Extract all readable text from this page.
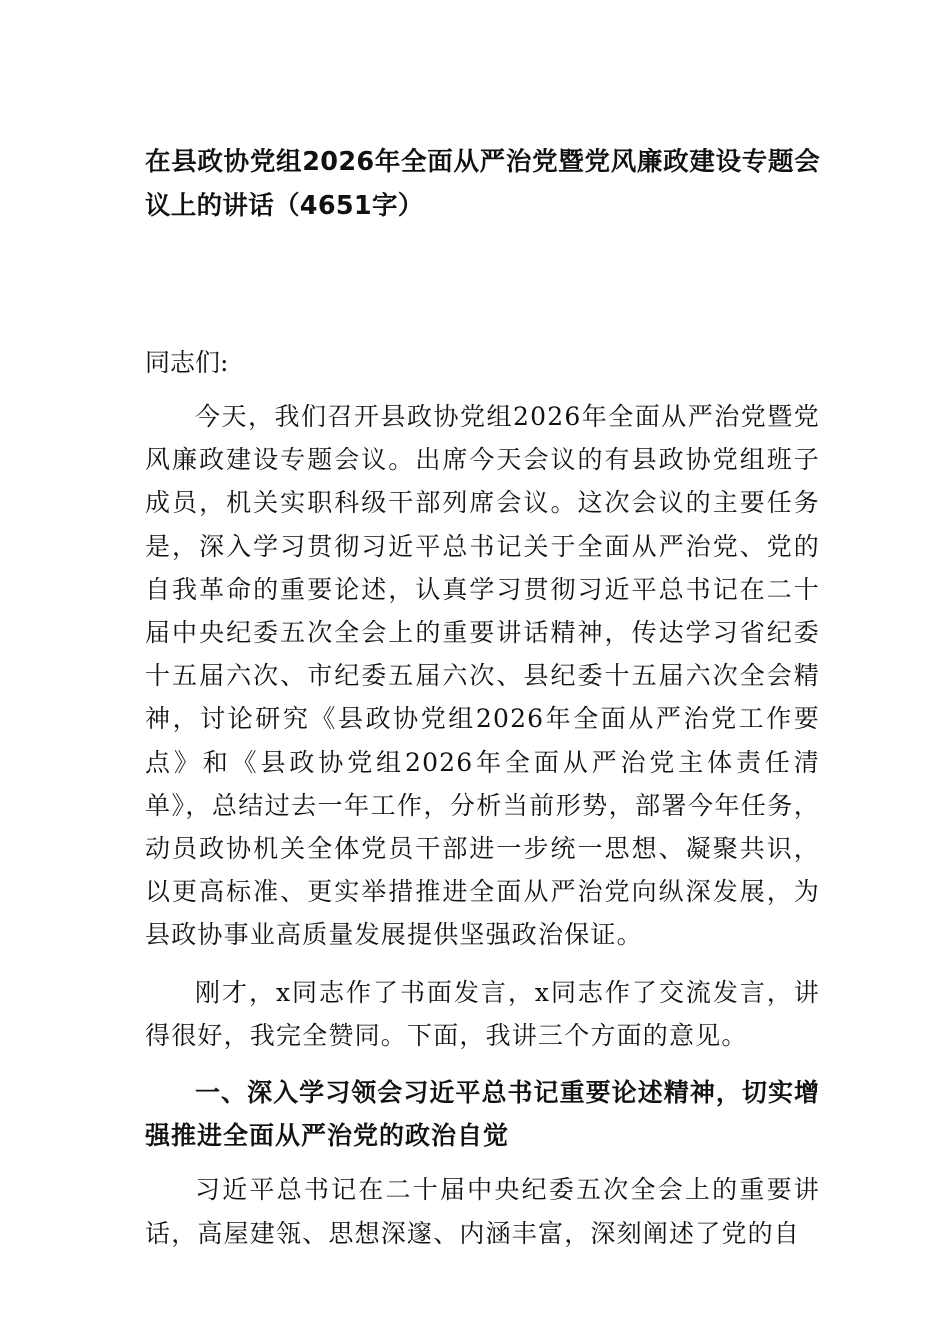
在县政协党组2026年全面从严治党暨党风廉政建设专题会议上的讲话（4651字）

同志们:

今天，我们召开县政协党组2026年全面从严治党暨党风廉政建设专题会议。出席今天会议的有县政协党组班子成员，机关实职科级干部列席会议。这次会议的主要任务是，深入学习贯彻习近平总书记关于全面从严治党、党的自我革命的重要论述，认真学习贯彻习近平总书记在二十届中央纪委五次全会上的重要讲话精神，传达学习省纪委十五届六次、市纪委五届六次、县纪委十五届六次全会精神，讨论研究《县政协党组2026年全面从严治党工作要点》和《县政协党组2026年全面从严治党主体责任清单》，总结过去一年工作，分析当前形势，部署今年任务，动员政协机关全体党员干部进一步统一思想、凝聚共识，以更高标准、更实举措推进全面从严治党向纵深发展，为县政协事业高质量发展提供坚强政治保证。

刚才，x同志作了书面发言，x同志作了交流发言，讲得很好，我完全赞同。下面，我讲三个方面的意见。

一、深入学习领会习近平总书记重要论述精神，切实增强推进全面从严治党的政治自觉

习近平总书记在二十届中央纪委五次全会上的重要讲话，高屋建瓴、思想深邃、内涵丰富，深刻阐述了党的自
